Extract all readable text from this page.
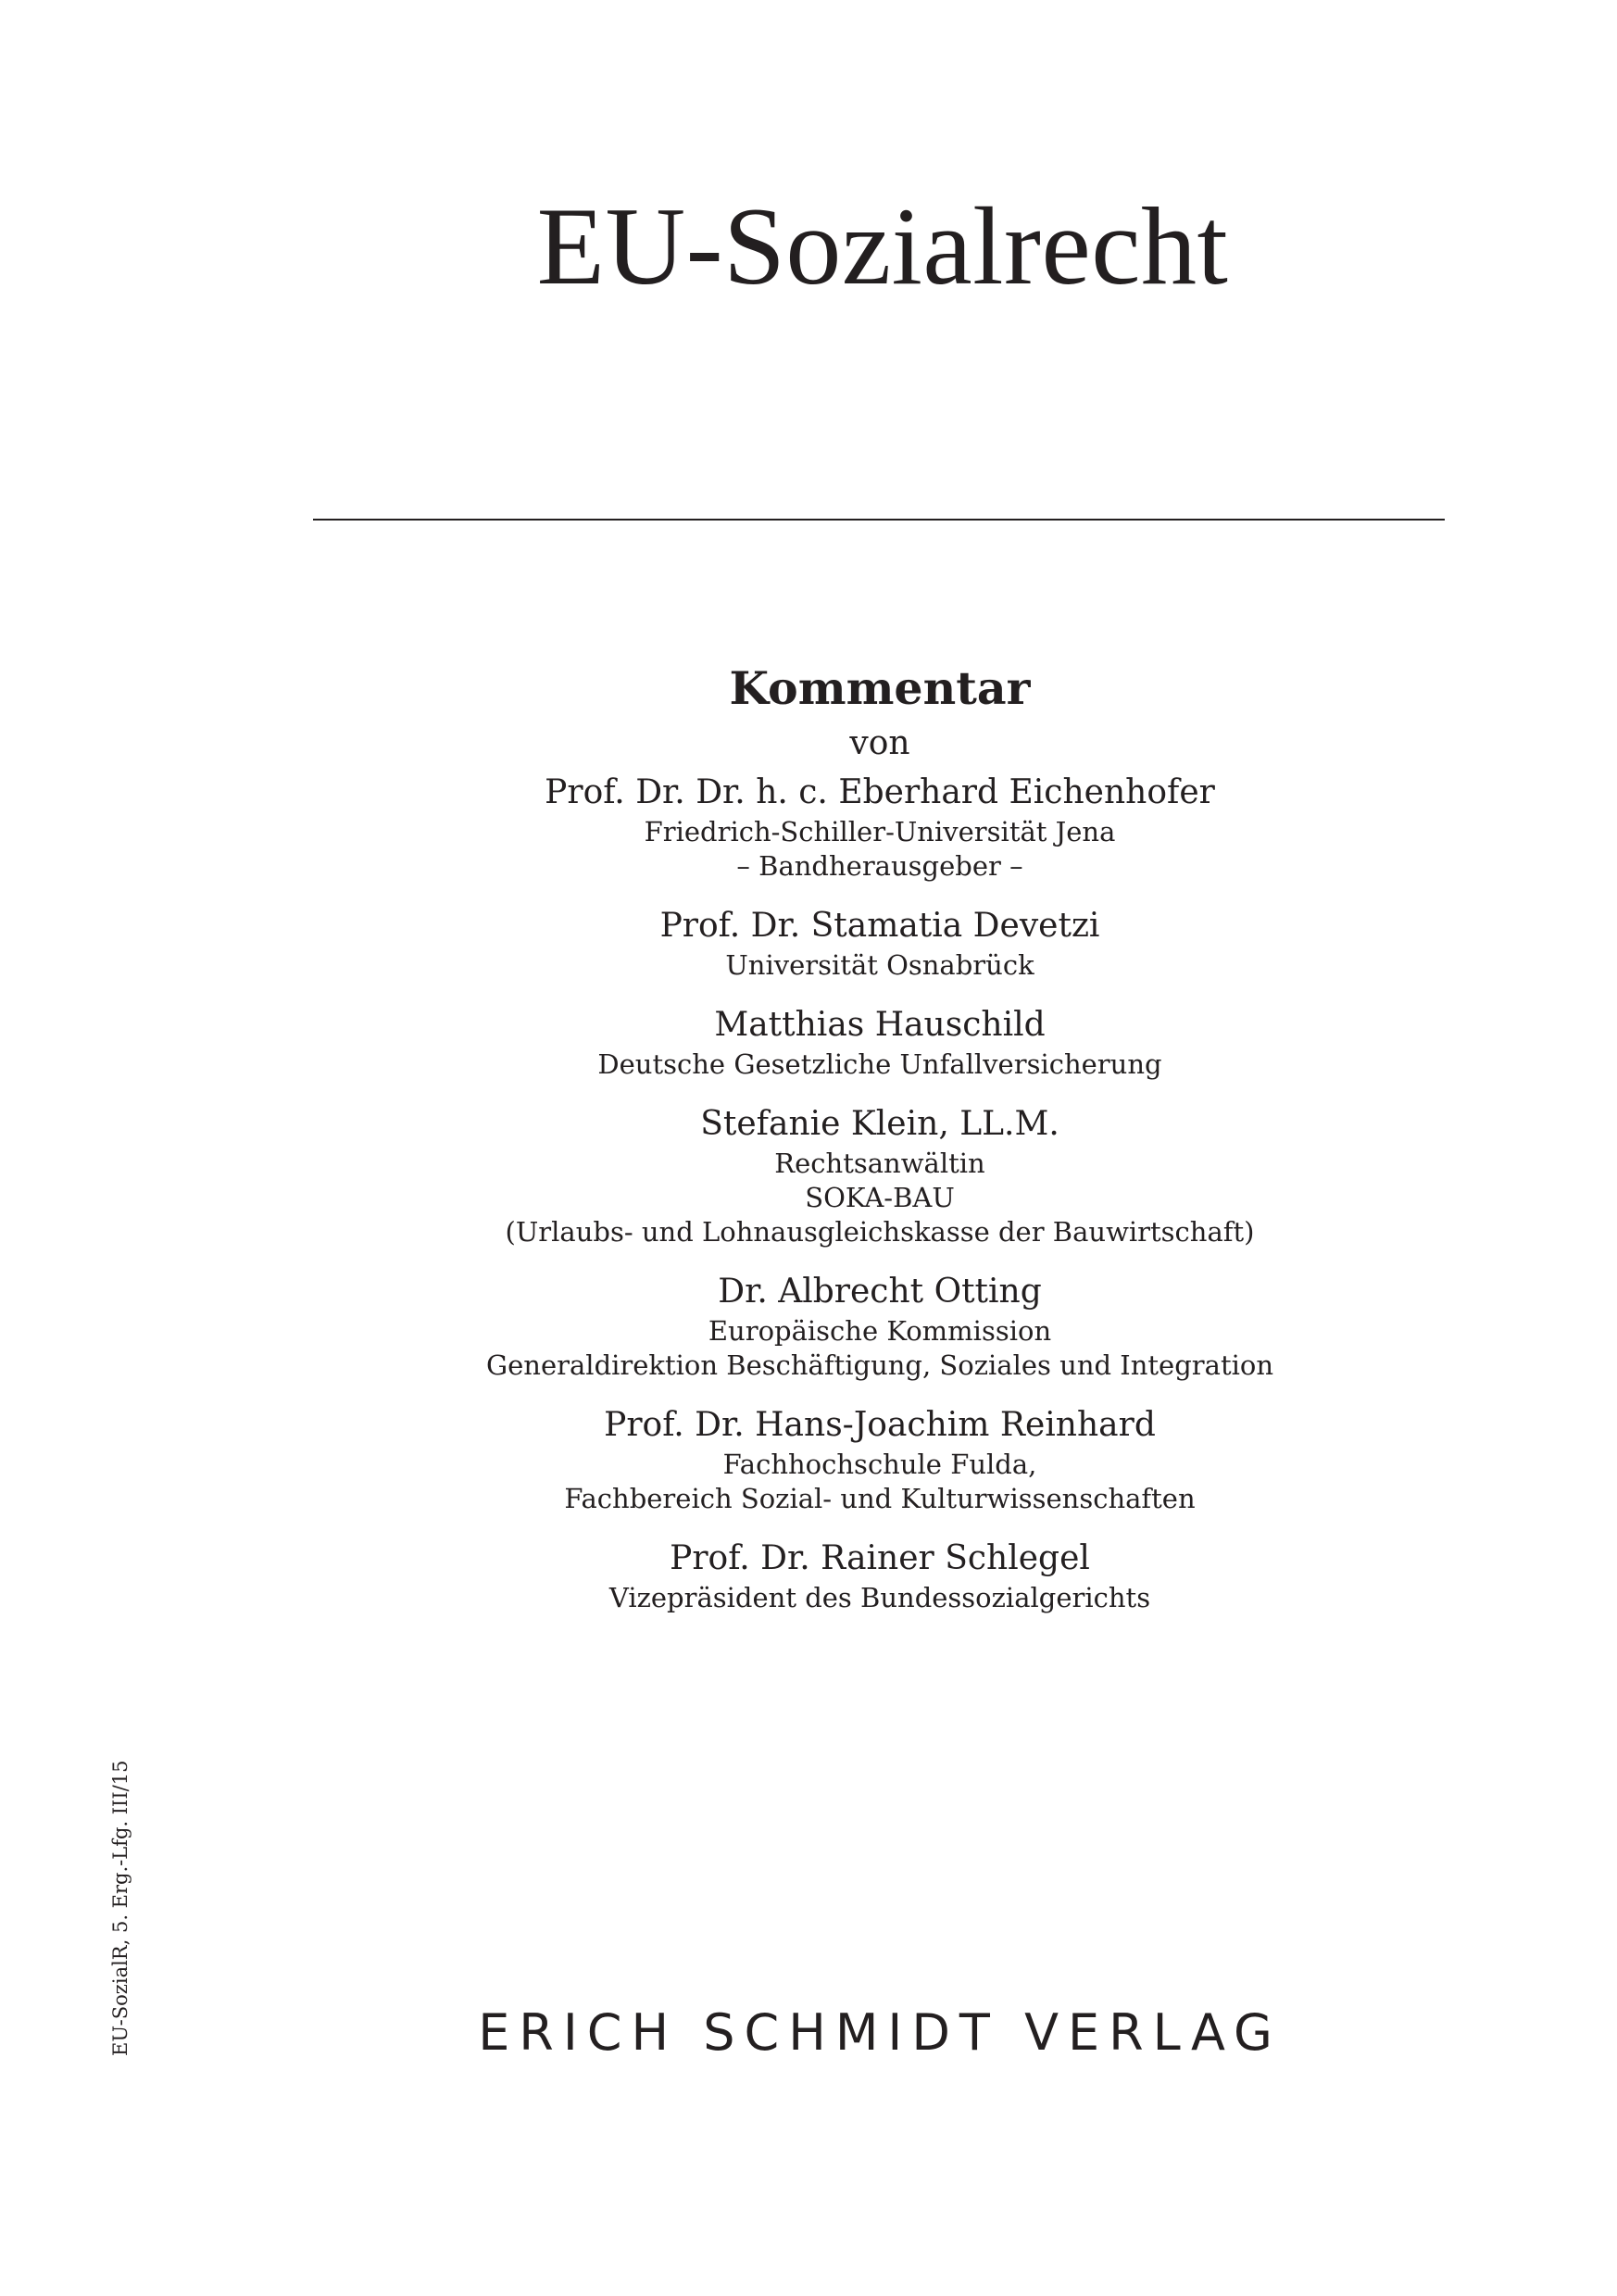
EU-Sozialrecht
Kommentar
von
Prof. Dr. Dr. h. c. Eberhard Eichenhofer
Friedrich-Schiller-Universität Jena
– Bandherausgeber –
Prof. Dr. Stamatia Devetzi
Universität Osnabrück
Matthias Hauschild
Deutsche Gesetzliche Unfallversicherung
Stefanie Klein, LL.M.
Rechtsanwältin
SOKA-BAU
(Urlaubs- und Lohnausgleichskasse der Bauwirtschaft)
Dr. Albrecht Otting
Europäische Kommission
Generaldirektion Beschäftigung, Soziales und Integration
Prof. Dr. Hans-Joachim Reinhard
Fachhochschule Fulda,
Fachbereich Sozial- und Kulturwissenschaften
Prof. Dr. Rainer Schlegel
Vizepräsident des Bundessozialgerichts
EU-SozialR, 5. Erg.-Lfg. III/15	ERICH SCHMIDT VERLAG
